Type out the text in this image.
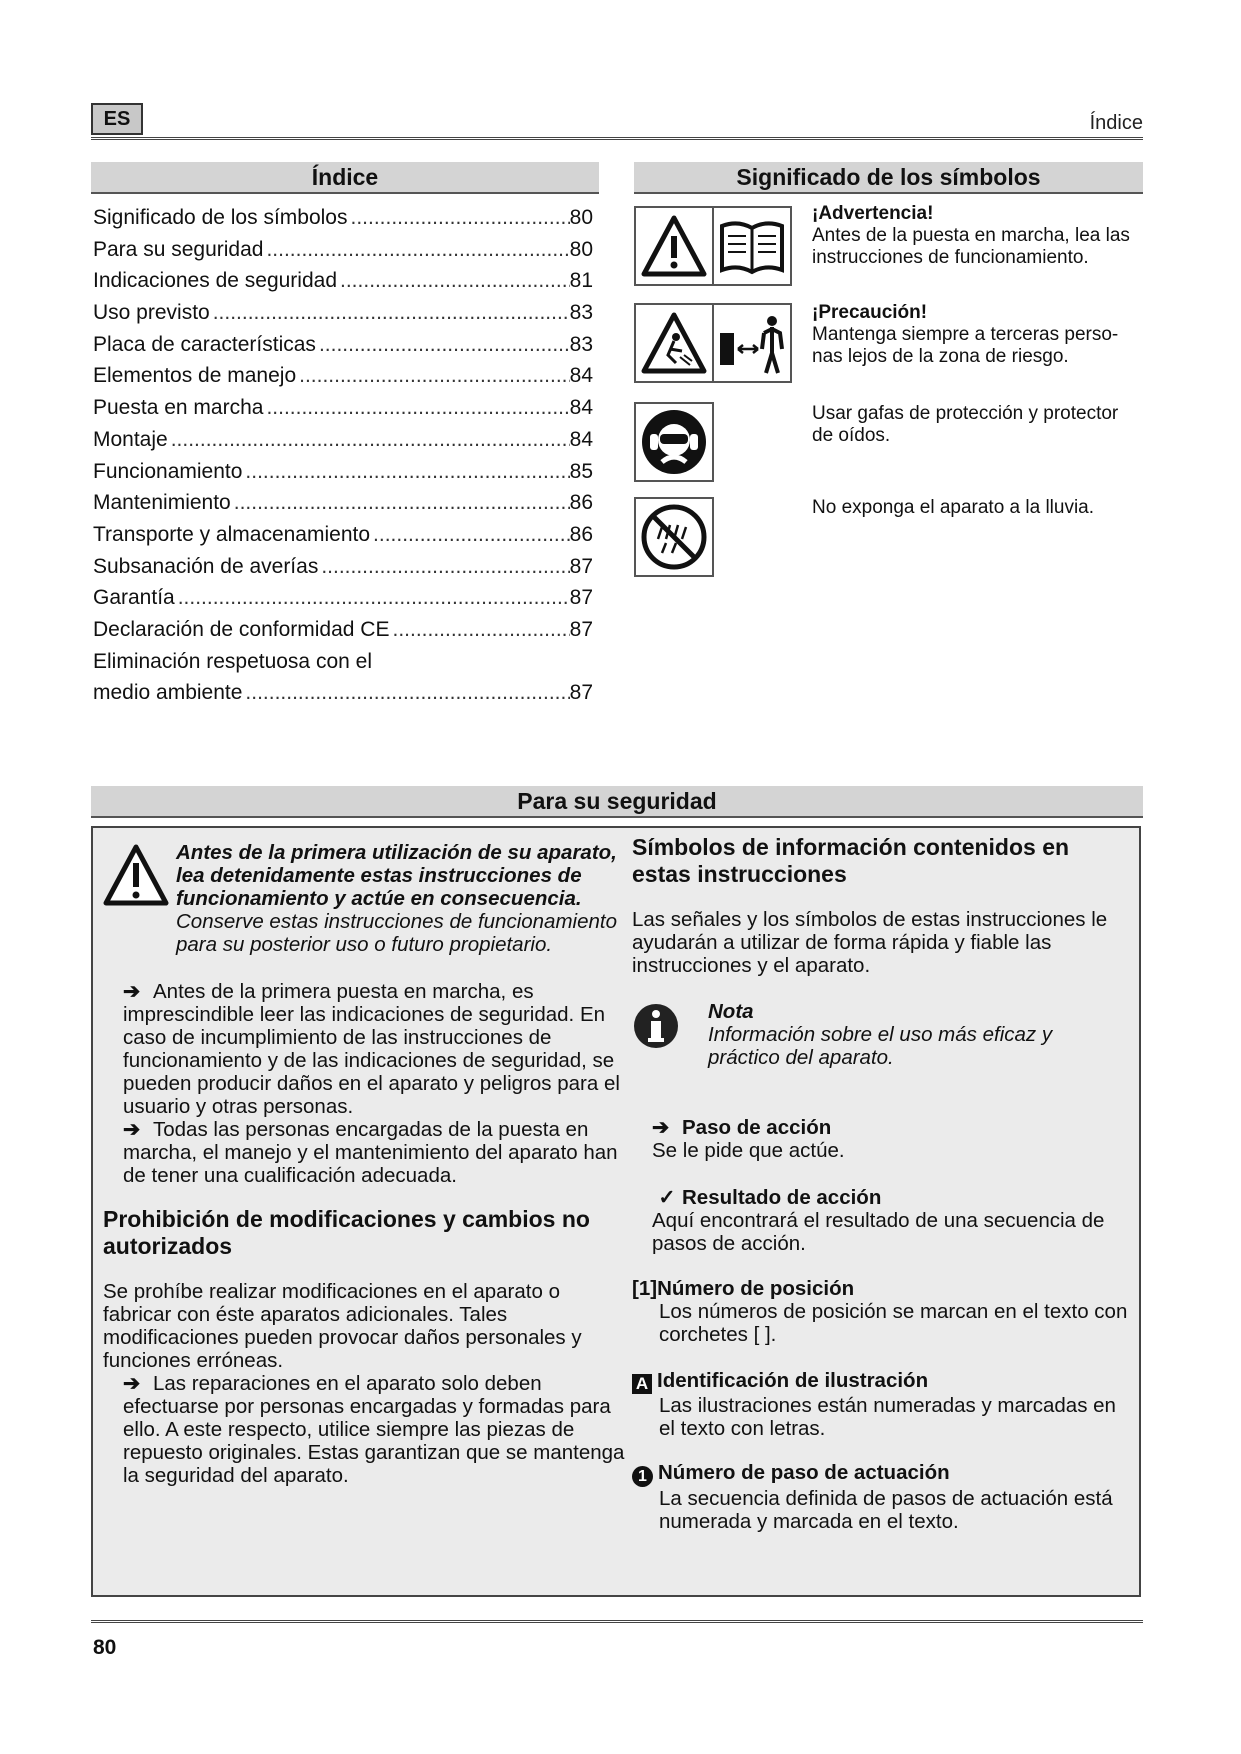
ES	Índice
Índice
Significado de los símbolos .....	80
Para su seguridad .....	80
Indicaciones de seguridad .....	81
Uso previsto .....	83
Placa de características .....	83
Elementos de manejo .....	84
Puesta en marcha .....	84
Montaje .....	84
Funcionamiento .....	85
Mantenimiento .....	86
Transporte y almacenamiento .....	86
Subsanación de averías .....	87
Garantía .....	87
Declaración de conformidad CE .....	87
Eliminación respetuosa con el
medio ambiente .....	87
Significado de los símbolos
¡Advertencia!
Antes de la puesta en marcha, lea las instrucciones de funcionamiento.
¡Precaución!
Mantenga siempre a terceras perso-
nas lejos de la zona de riesgo.
Usar gafas de protección y protector de oídos.
No exponga el aparato a la lluvia.
Para su seguridad
Antes de la primera utilización de su aparato, lea detenidamente estas instrucciones de funcionamiento y actúe en consecuencia. Conserve estas instrucciones de funcionamiento para su posterior uso o futuro propietario.
➔ Antes de la primera puesta en marcha, es imprescindible leer las indicaciones de seguridad. En caso de incumplimiento de las instrucciones de funcionamiento y de las indicaciones de seguridad, se pueden producir daños en el aparato y peligros para el usuario y otras personas.
➔ Todas las personas encargadas de la puesta en marcha, el manejo y el mantenimiento del aparato han de tener una cualificación adecuada.
Prohibición de modificaciones y cambios no autorizados
Se prohíbe realizar modificaciones en el aparato o fabricar con éste aparatos adicionales. Tales modificaciones pueden provocar daños personales y funciones erróneas.
➔ Las reparaciones en el aparato solo deben efectuarse por personas encargadas y formadas para ello. A este respecto, utilice siempre las piezas de repuesto originales. Estas garantizan que se mantenga la seguridad del aparato.
Símbolos de información contenidos en estas instrucciones
Las señales y los símbolos de estas instrucciones le ayudarán a utilizar de forma rápida y fiable las instrucciones y el aparato.
Nota
Información sobre el uso más eficaz y práctico del aparato.
➔ Paso de acción
Se le pide que actúe.
✓ Resultado de acción
Aquí encontrará el resultado de una secuencia de pasos de acción.
[1]Número de posición
Los números de posición se marcan en el texto con corchetes [ ].
A Identificación de ilustración
Las ilustraciones están numeradas y marcadas en el texto con letras.
1 Número de paso de actuación
La secuencia definida de pasos de actuación está numerada y marcada en el texto.
80
